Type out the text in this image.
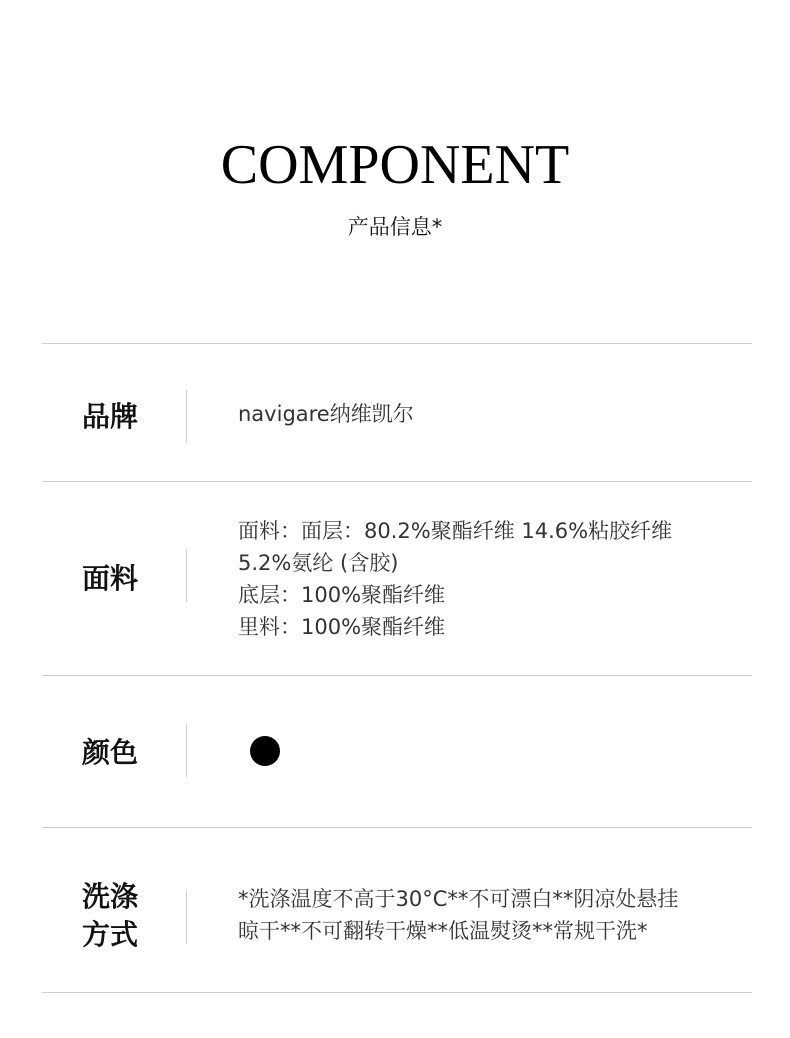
COMPONENT
产品信息*
品牌	navigare纳维凯尔
面料
面料：面层：80.2%聚酯纤维 14.6%粘胶纤维
5.2%氨纶 (含胶)
底层：100%聚酯纤维
里料：100%聚酯纤维
颜色
洗涤
方式
*洗涤温度不高于30°C**不可漂白**阴凉处悬挂
晾干**不可翻转干燥**低温熨烫**常规干洗*
